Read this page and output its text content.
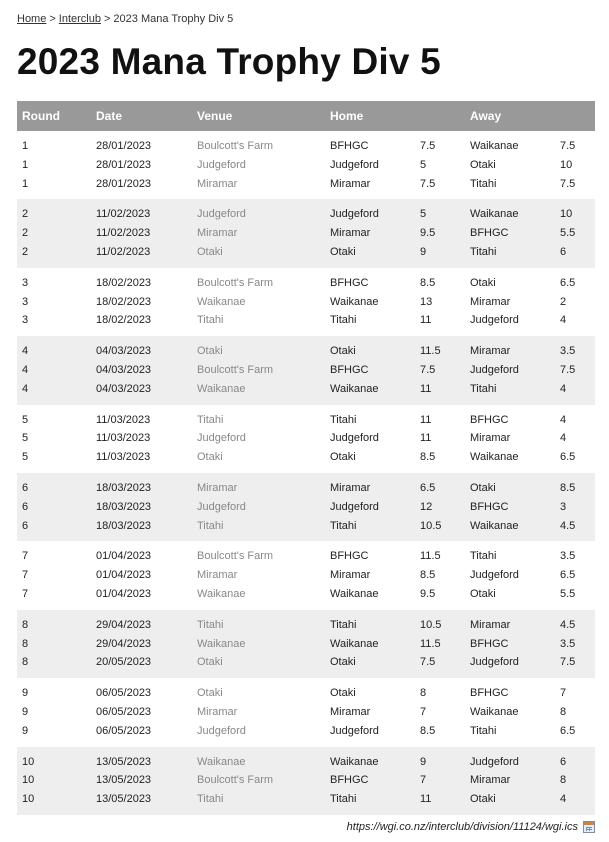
Home > Interclub > 2023 Mana Trophy Div 5
2023 Mana Trophy Div 5
Round	Date	Venue	Home		Away	
1	28/01/2023	Boulcott's Farm	BFHGC	7.5	Waikanae	7.5
1	28/01/2023	Judgeford	Judgeford	5	Otaki	10
1	28/01/2023	Miramar	Miramar	7.5	Titahi	7.5
2	11/02/2023	Judgeford	Judgeford	5	Waikanae	10
2	11/02/2023	Miramar	Miramar	9.5	BFHGC	5.5
2	11/02/2023	Otaki	Otaki	9	Titahi	6
3	18/02/2023	Boulcott's Farm	BFHGC	8.5	Otaki	6.5
3	18/02/2023	Waikanae	Waikanae	13	Miramar	2
3	18/02/2023	Titahi	Titahi	11	Judgeford	4
4	04/03/2023	Otaki	Otaki	11.5	Miramar	3.5
4	04/03/2023	Boulcott's Farm	BFHGC	7.5	Judgeford	7.5
4	04/03/2023	Waikanae	Waikanae	11	Titahi	4
5	11/03/2023	Titahi	Titahi	11	BFHGC	4
5	11/03/2023	Judgeford	Judgeford	11	Miramar	4
5	11/03/2023	Otaki	Otaki	8.5	Waikanae	6.5
6	18/03/2023	Miramar	Miramar	6.5	Otaki	8.5
6	18/03/2023	Judgeford	Judgeford	12	BFHGC	3
6	18/03/2023	Titahi	Titahi	10.5	Waikanae	4.5
7	01/04/2023	Boulcott's Farm	BFHGC	11.5	Titahi	3.5
7	01/04/2023	Miramar	Miramar	8.5	Judgeford	6.5
7	01/04/2023	Waikanae	Waikanae	9.5	Otaki	5.5
8	29/04/2023	Titahi	Titahi	10.5	Miramar	4.5
8	29/04/2023	Waikanae	Waikanae	11.5	BFHGC	3.5
8	20/05/2023	Otaki	Otaki	7.5	Judgeford	7.5
9	06/05/2023	Otaki	Otaki	8	BFHGC	7
9	06/05/2023	Miramar	Miramar	7	Waikanae	8
9	06/05/2023	Judgeford	Judgeford	8.5	Titahi	6.5
10	13/05/2023	Waikanae	Waikanae	9	Judgeford	6
10	13/05/2023	Boulcott's Farm	BFHGC	7	Miramar	8
10	13/05/2023	Titahi	Titahi	11	Otaki	4
https://wgi.co.nz/interclub/division/11124/wgi.ics
